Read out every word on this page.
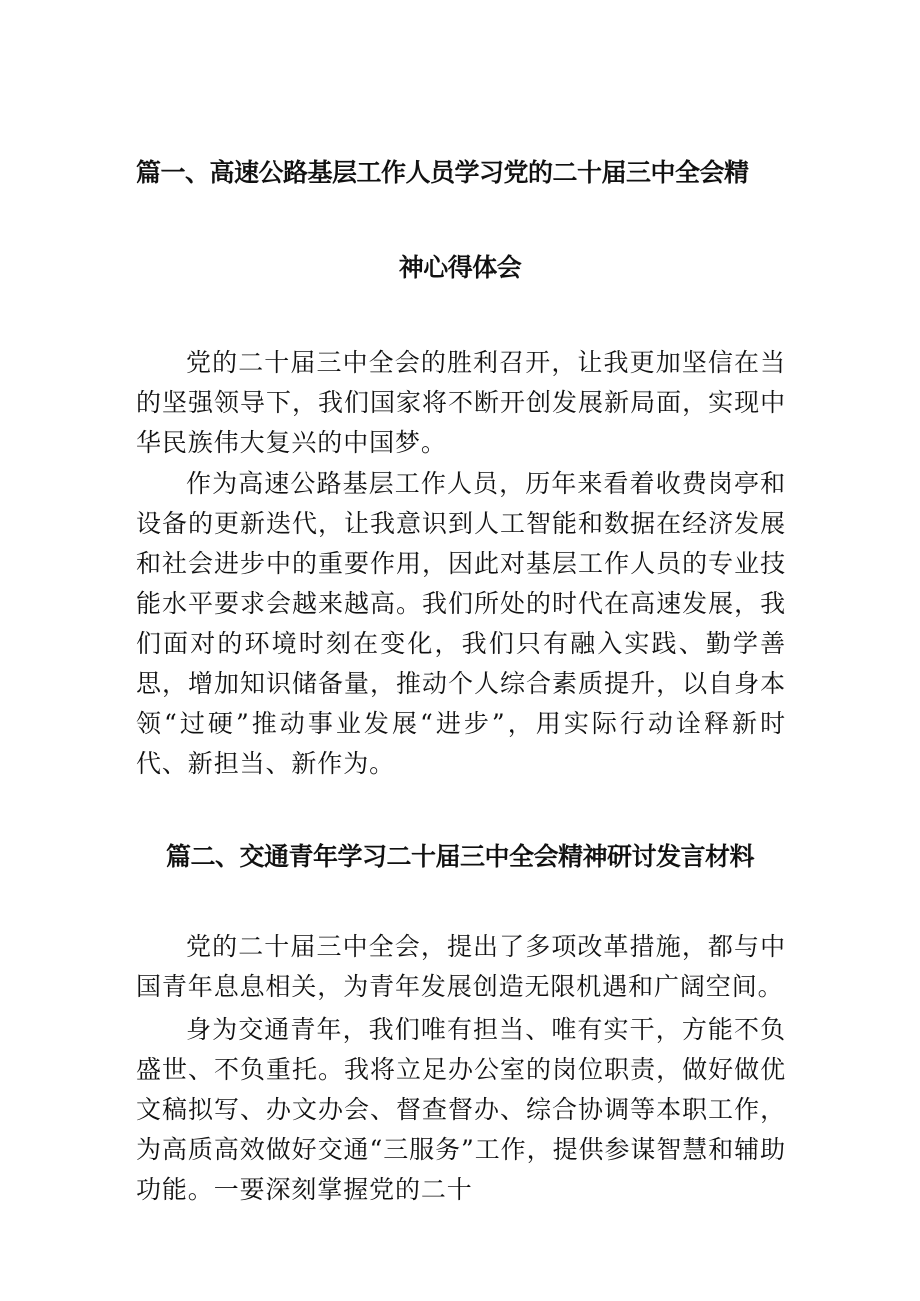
篇一、高速公路基层工作人员学习党的二十届三中全会精
神心得体会

党的二十届三中全会的胜利召开，让我更加坚信在当的坚强领导下，我们国家将不断开创发展新局面，实现中华民族伟大复兴的中国梦。

作为高速公路基层工作人员，历年来看着收费岗亭和设备的更新迭代，让我意识到人工智能和数据在经济发展和社会进步中的重要作用，因此对基层工作人员的专业技能水平要求会越来越高。我们所处的时代在高速发展，我们面对的环境时刻在变化，我们只有融入实践、勤学善思，增加知识储备量，推动个人综合素质提升，以自身本领“过硬”推动事业发展“进步”，用实际行动诠释新时代、新担当、新作为。

篇二、交通青年学习二十届三中全会精神研讨发言材料

党的二十届三中全会，提出了多项改革措施，都与中国青年息息相关，为青年发展创造无限机遇和广阔空间。

身为交通青年，我们唯有担当、唯有实干，方能不负盛世、不负重托。我将立足办公室的岗位职责，做好做优文稿拟写、办文办会、督查督办、综合协调等本职工作，为高质高效做好交通“三服务”工作，提供参谋智慧和辅助功能。一要深刻掌握党的二十
